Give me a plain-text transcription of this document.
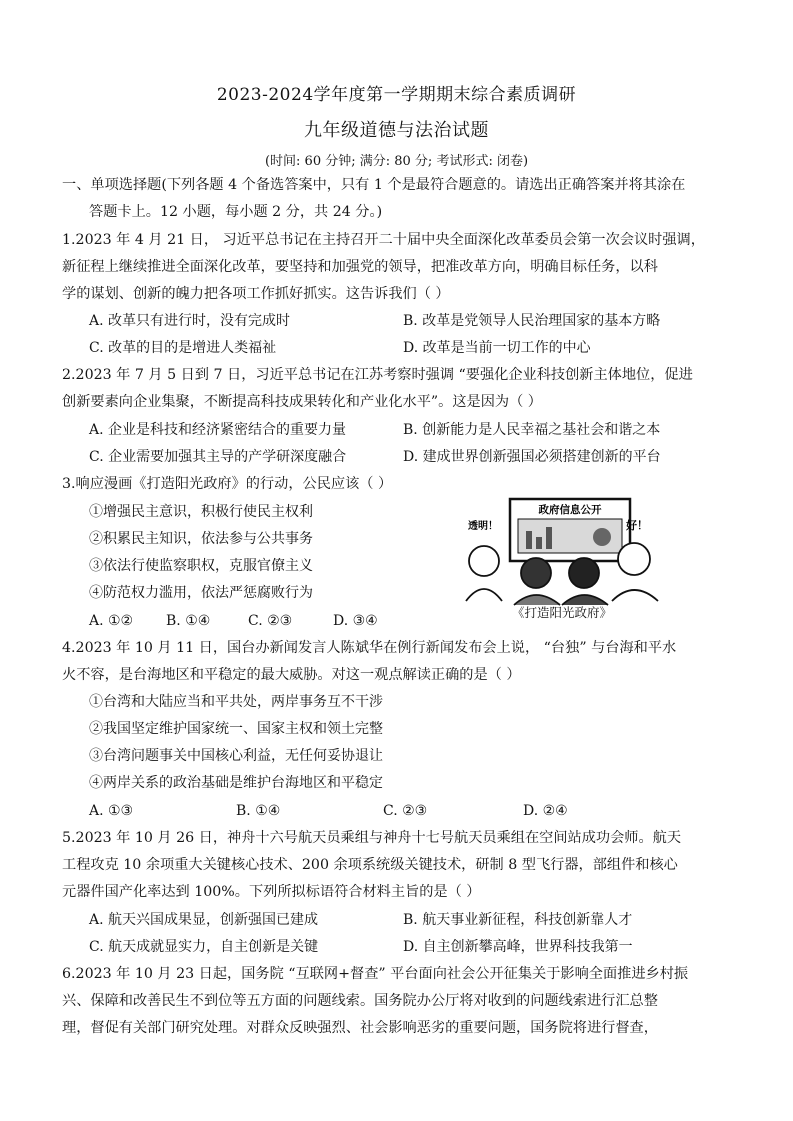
2023-2024学年度第一学期期末综合素质调研
九年级道德与法治试题
(时间: 60 分钟; 满分: 80 分; 考试形式: 闭卷)
一、单项选择题(下列各题 4 个备选答案中，只有 1 个是最符合题意的。请选出正确答案并将其涂在
答题卡上。12 小题，每小题 2 分，共 24 分。)
1.2023 年 4 月 21 日， 习近平总书记在主持召开二十届中央全面深化改革委员会第一次会议时强调，
新征程上继续推进全面深化改革，要坚持和加强党的领导，把准改革方向，明确目标任务，以科
学的谋划、创新的魄力把各项工作抓好抓实。这告诉我们（ ）
A. 改革只有进行时，没有完成时	B. 改革是党领导人民治理国家的基本方略
C. 改革的目的是增进人类福祉	D. 改革是当前一切工作的中心
2.2023 年 7 月 5 日到 7 日，习近平总书记在江苏考察时强调 “要强化企业科技创新主体地位，促进
创新要素向企业集聚，不断提高科技成果转化和产业化水平”。这是因为（ ）
A. 企业是科技和经济紧密结合的重要力量	B. 创新能力是人民幸福之基社会和谐之本
C. 企业需要加强其主导的产学研深度融合	D. 建成世界创新强国必须搭建创新的平台
3.响应漫画《打造阳光政府》的行动，公民应该（ ）
①增强民主意识，积极行使民主权利
②积累民主知识，依法参与公共事务
③依法行使监察职权，克服官僚主义
④防范权力滥用，依法严惩腐败行为
A. ①② B. ①④	C. ②③	D. ③④
政府信息公开
透明！	好！
《打造阳光政府》
4.2023 年 10 月 11 日，国台办新闻发言人陈斌华在例行新闻发布会上说， “台独” 与台海和平水
火不容，是台海地区和平稳定的最大威胁。对这一观点解读正确的是（ ）
①台湾和大陆应当和平共处，两岸事务互不干涉
②我国坚定维护国家统一、国家主权和领土完整
③台湾问题事关中国核心利益，无任何妥协退让
④两岸关系的政治基础是维护台海地区和平稳定
A. ①③	B. ①④	C. ②③	D. ②④
5.2023 年 10 月 26 日，神舟十六号航天员乘组与神舟十七号航天员乘组在空间站成功会师。航天
工程攻克 10 余项重大关键核心技术、200 余项系统级关键技术，研制 8 型飞行器，部组件和核心
元器件国产化率达到 100%。下列所拟标语符合材料主旨的是（ ）
A. 航天兴国成果显，创新强国已建成	B. 航天事业新征程，科技创新靠人才
C. 航天成就显实力，自主创新是关键	D. 自主创新攀高峰，世界科技我第一
6.2023 年 10 月 23 日起，国务院 “互联网+督查” 平台面向社会公开征集关于影响全面推进乡村振
兴、保障和改善民生不到位等五方面的问题线索。国务院办公厅将对收到的问题线索进行汇总整
理，督促有关部门研究处理。对群众反映强烈、社会影响恶劣的重要问题，国务院将进行督查，
